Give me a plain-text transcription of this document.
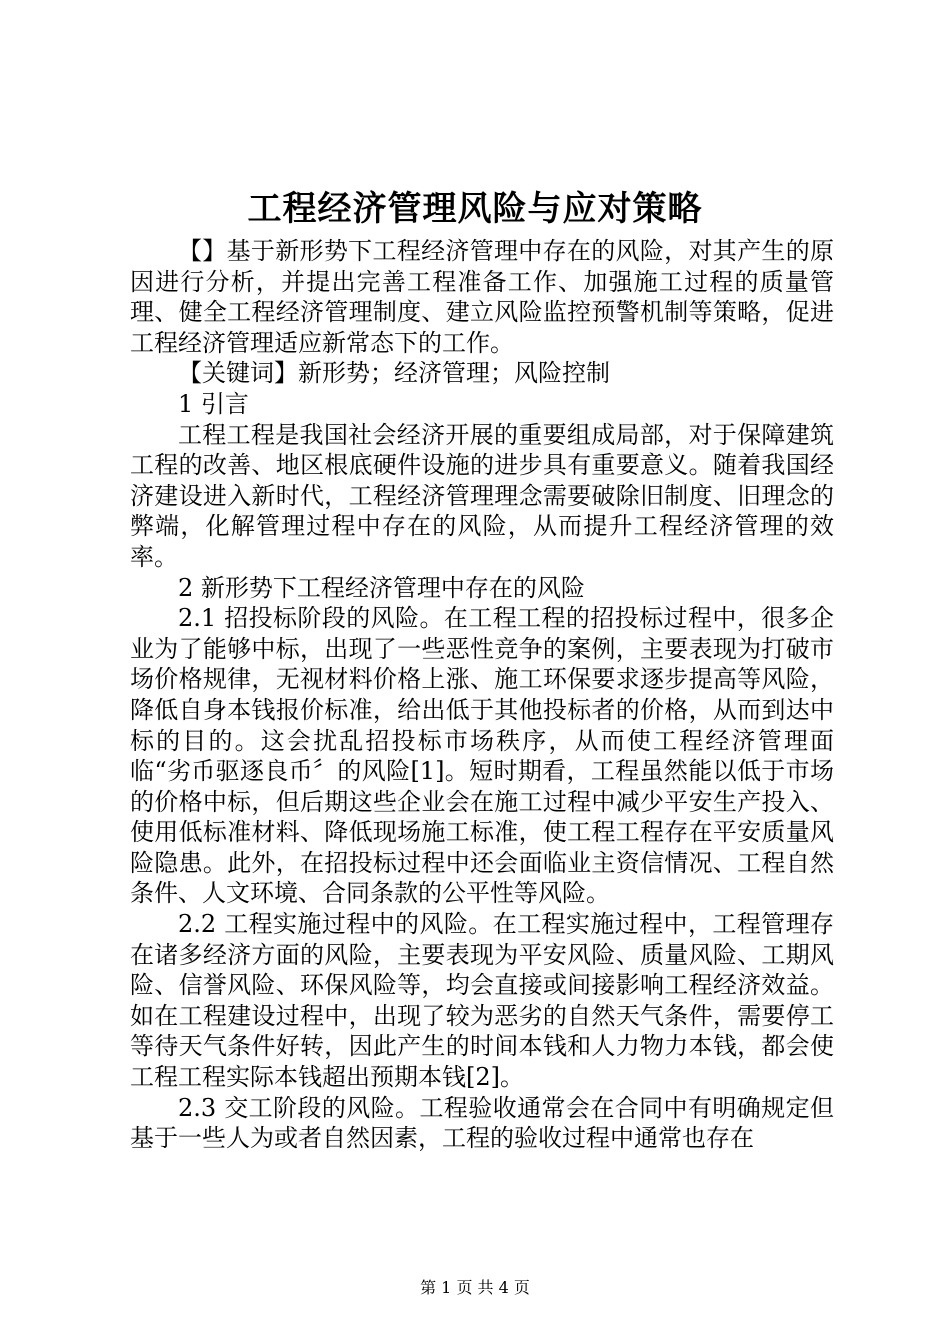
工程经济管理风险与应对策略

【】基于新形势下工程经济管理中存在的风险，对其产生的原因进行分析，并提出完善工程准备工作、加强施工过程的质量管理、健全工程经济管理制度、建立风险监控预警机制等策略，促进工程经济管理适应新常态下的工作。

【关键词】新形势；经济管理；风险控制

1 引言

工程工程是我国社会经济开展的重要组成局部，对于保障建筑工程的改善、地区根底硬件设施的进步具有重要意义。随着我国经济建设进入新时代，工程经济管理理念需要破除旧制度、旧理念的弊端，化解管理过程中存在的风险，从而提升工程经济管理的效率。

2 新形势下工程经济管理中存在的风险

2.1 招投标阶段的风险。在工程工程的招投标过程中，很多企业为了能够中标，出现了一些恶性竞争的案例，主要表现为打破市场价格规律，无视材料价格上涨、施工环保要求逐步提高等风险，降低自身本钱报价标准，给出低于其他投标者的价格，从而到达中标的目的。这会扰乱招投标市场秩序，从而使工程经济管理面临“劣币驱逐良币〞的风险[1]。短时期看，工程虽然能以低于市场的价格中标，但后期这些企业会在施工过程中减少平安生产投入、使用低标准材料、降低现场施工标准，使工程工程存在平安质量风险隐患。此外，在招投标过程中还会面临业主资信情况、工程自然条件、人文环境、合同条款的公平性等风险。

2.2 工程实施过程中的风险。在工程实施过程中，工程管理存在诸多经济方面的风险，主要表现为平安风险、质量风险、工期风险、信誉风险、环保风险等，均会直接或间接影响工程经济效益。如在工程建设过程中，出现了较为恶劣的自然天气条件，需要停工等待天气条件好转，因此产生的时间本钱和人力物力本钱，都会使工程工程实际本钱超出预期本钱[2]。

2.3 交工阶段的风险。工程验收通常会在合同中有明确规定但基于一些人为或者自然因素，工程的验收过程中通常也存在

第 1 页 共 4 页
